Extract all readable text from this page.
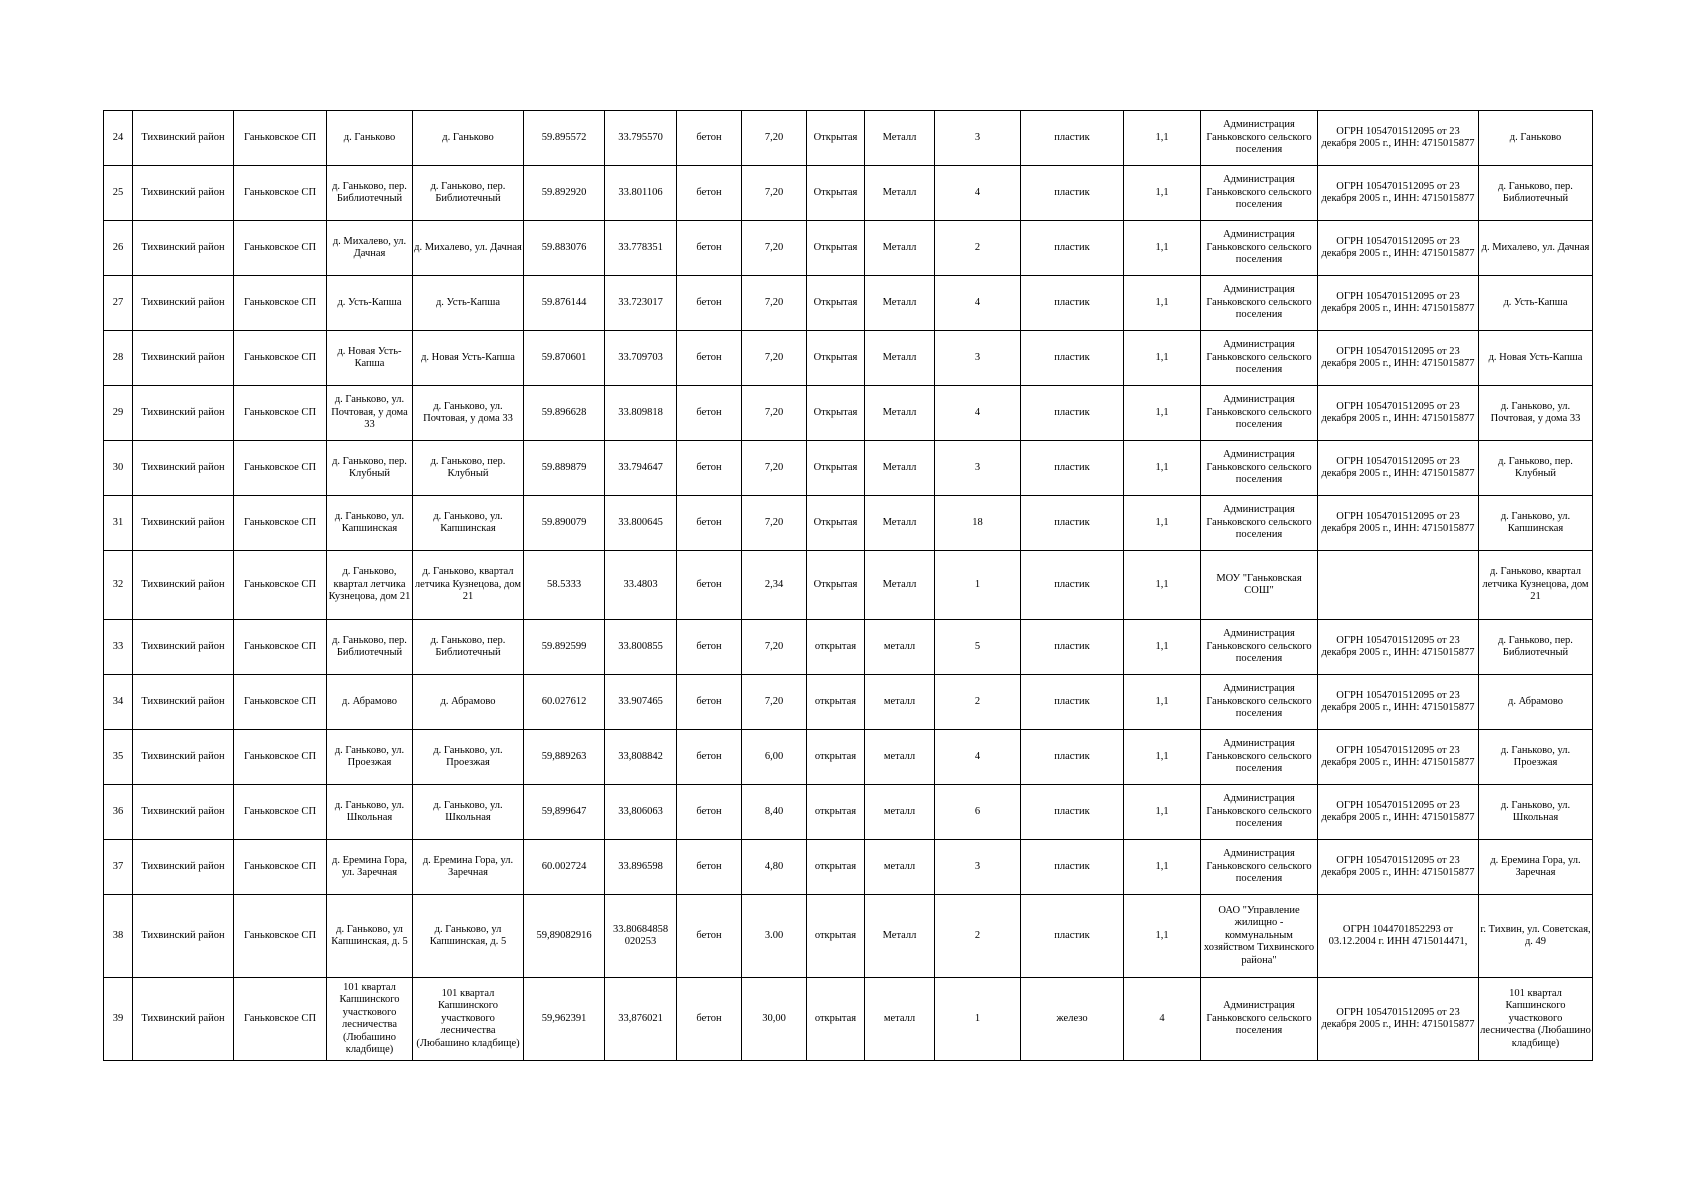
24	Тихвинский район	Ганьковское СП	д. Ганьково	д. Ганьково	59.895572	33.795570	бетон	7,20	Открытая	Металл	3	пластик	1,1	Администрация Ганьковского сельского поселения	ОГРН 1054701512095 от 23 декабря 2005 г., ИНН: 4715015877	д. Ганьково
25	Тихвинский район	Ганьковское СП	д. Ганьково, пер. Библиотечный	д. Ганьково, пер. Библиотечный	59.892920	33.801106	бетон	7,20	Открытая	Металл	4	пластик	1,1	Администрация Ганьковского сельского поселения	ОГРН 1054701512095 от 23 декабря 2005 г., ИНН: 4715015877	д. Ганьково, пер. Библиотечный
26	Тихвинский район	Ганьковское СП	д. Михалево, ул. Дачная	д. Михалево, ул. Дачная	59.883076	33.778351	бетон	7,20	Открытая	Металл	2	пластик	1,1	Администрация Ганьковского сельского поселения	ОГРН 1054701512095 от 23 декабря 2005 г., ИНН: 4715015877	д. Михалево, ул. Дачная
27	Тихвинский район	Ганьковское СП	д. Усть-Капша	д. Усть-Капша	59.876144	33.723017	бетон	7,20	Открытая	Металл	4	пластик	1,1	Администрация Ганьковского сельского поселения	ОГРН 1054701512095 от 23 декабря 2005 г., ИНН: 4715015877	д. Усть-Капша
28	Тихвинский район	Ганьковское СП	д. Новая Усть-Капша	д. Новая Усть-Капша	59.870601	33.709703	бетон	7,20	Открытая	Металл	3	пластик	1,1	Администрация Ганьковского сельского поселения	ОГРН 1054701512095 от 23 декабря 2005 г., ИНН: 4715015877	д. Новая Усть-Капша
29	Тихвинский район	Ганьковское СП	д. Ганьково, ул. Почтовая, у дома 33	д. Ганьково, ул. Почтовая, у дома 33	59.896628	33.809818	бетон	7,20	Открытая	Металл	4	пластик	1,1	Администрация Ганьковского сельского поселения	ОГРН 1054701512095 от 23 декабря 2005 г., ИНН: 4715015877	д. Ганьково, ул. Почтовая, у дома 33
30	Тихвинский район	Ганьковское СП	д. Ганьково, пер. Клубный	д. Ганьково, пер. Клубный	59.889879	33.794647	бетон	7,20	Открытая	Металл	3	пластик	1,1	Администрация Ганьковского сельского поселения	ОГРН 1054701512095 от 23 декабря 2005 г., ИНН: 4715015877	д. Ганьково, пер. Клубный
31	Тихвинский район	Ганьковское СП	д. Ганьково, ул. Капшинская	д. Ганьково, ул. Капшинская	59.890079	33.800645	бетон	7,20	Открытая	Металл	18	пластик	1,1	Администрация Ганьковского сельского поселения	ОГРН 1054701512095 от 23 декабря 2005 г., ИНН: 4715015877	д. Ганьково, ул. Капшинская
32	Тихвинский район	Ганьковское СП	д. Ганьково, квартал летчика Кузнецова, дом 21	д. Ганьково, квартал летчика Кузнецова, дом 21	58.5333	33.4803	бетон	2,34	Открытая	Металл	1	пластик	1,1	МОУ "Ганьковская СОШ"		д. Ганьково, квартал летчика Кузнецова, дом 21
33	Тихвинский район	Ганьковское СП	д. Ганьково, пер. Библиотечный	д. Ганьково, пер. Библиотечный	59.892599	33.800855	бетон	7,20	открытая	металл	5	пластик	1,1	Администрация Ганьковского сельского поселения	ОГРН 1054701512095 от 23 декабря 2005 г., ИНН: 4715015877	д. Ганьково, пер. Библиотечный
34	Тихвинский район	Ганьковское СП	д. Абрамово	д. Абрамово	60.027612	33.907465	бетон	7,20	открытая	металл	2	пластик	1,1	Администрация Ганьковского сельского поселения	ОГРН 1054701512095 от 23 декабря 2005 г., ИНН: 4715015877	д. Абрамово
35	Тихвинский район	Ганьковское СП	д. Ганьково, ул. Проезжая	д. Ганьково, ул. Проезжая	59,889263	33,808842	бетон	6,00	открытая	металл	4	пластик	1,1	Администрация Ганьковского сельского поселения	ОГРН 1054701512095 от 23 декабря 2005 г., ИНН: 4715015877	д. Ганьково, ул. Проезжая
36	Тихвинский район	Ганьковское СП	д. Ганьково, ул. Школьная	д. Ганьково, ул. Школьная	59,899647	33,806063	бетон	8,40	открытая	металл	6	пластик	1,1	Администрация Ганьковского сельского поселения	ОГРН 1054701512095 от 23 декабря 2005 г., ИНН: 4715015877	д. Ганьково, ул. Школьная
37	Тихвинский район	Ганьковское СП	д. Еремина Гора, ул. Заречная	д. Еремина Гора, ул. Заречная	60.002724	33.896598	бетон	4,80	открытая	металл	3	пластик	1,1	Администрация Ганьковского сельского поселения	ОГРН 1054701512095 от 23 декабря 2005 г., ИНН: 4715015877	д. Еремина Гора, ул. Заречная
38	Тихвинский район	Ганьковское СП	д. Ганьково, ул Капшинская, д. 5	д. Ганьково, ул Капшинская, д. 5	59,89082916	33.80684858 020253	бетон	3.00	открытая	Металл	2	пластик	1,1	ОАО "Управление жилищно - коммунальным хозяйством Тихвинского района"	ОГРН 1044701852293 от 03.12.2004 г. ИНН 4715014471,	г. Тихвин, ул. Советская, д. 49
39	Тихвинский район	Ганьковское СП	101 квартал Капшинского участкового лесничества (Любашино кладбище)	101 квартал Капшинского участкового лесничества (Любашино кладбище)	59,962391	33,876021	бетон	30,00	открытая	металл	1	железо	4	Администрация Ганьковского сельского поселения	ОГРН 1054701512095 от 23 декабря 2005 г., ИНН: 4715015877	101 квартал Капшинского участкового лесничества (Любашино кладбище)
